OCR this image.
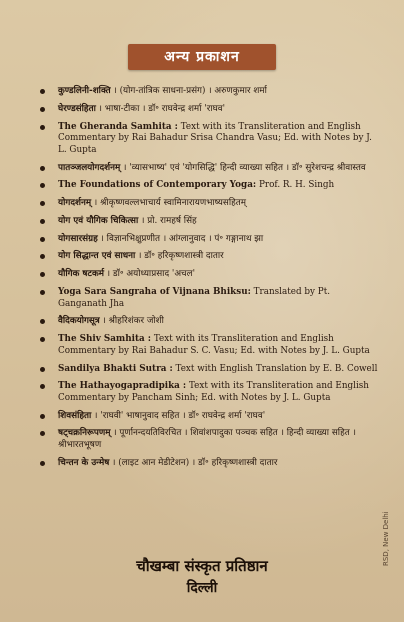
अन्य प्रकाशन
कुण्डलिनी-शक्ति । (योग-तांत्रिक साधना-प्रसंग) । अरुणकुमार शर्मा
घेरण्डसंहिता । भाषा-टीका । डॉ॰ राघवेन्द्र शर्मा 'राघव'
The Gheranda Samhita : Text with its Transliteration and English Commentary by Rai Bahadur Srisa Chandra Vasu; Ed. with Notes by J. L. Gupta
पातञ्जलयोगदर्शनम् । 'व्यासभाष्य' एवं 'योगसिद्धि' हिन्दी व्याख्या सहित । डॉ॰ सुरेशचन्द्र श्रीवास्तव
The Foundations of Contemporary Yoga: Prof. R. H. Singh
योगदर्शनम् । श्रीकृष्णवल्लभाचार्य स्वामिनारायणभाष्यसहितम्
योग एवं यौगिक चिकित्सा । प्रो. रामहर्ष सिंह
योगसारसंग्रह । विज्ञानभिक्षुप्रणीत । आंग्लानुवाद । पं॰ गङ्गानाथ झा
योग सिद्धान्त एवं साधना । डॉ॰ हरिकृष्णशास्त्री दातार
यौगिक षटकर्म । डॉ॰ अयोध्याप्रसाद 'अचल'
Yoga Sara Sangraha of Vijnana Bhiksu: Translated by Pt. Ganganath Jha
वैदिकयोगसूत्र । श्रीहरिशंकर जोशी
The Shiv Samhita : Text with its Transliteration and English Commentary by Rai Bahadur S. C. Vasu; Ed. with Notes by J. L. Gupta
Sandilya Bhakti Sutra : Text with English Translation by E. B. Cowell
The Hathayogapradipika : Text with its Transliteration and English Commentary by Pancham Sinh; Ed. with Notes by J. L. Gupta
शिवसंहिता । 'राघवी' भाषानुवाद सहित । डॉ॰ राघवेन्द्र शर्मा 'राघव'
षट्चक्रनिरूपणम् । पूर्णानन्दयतिविरचित । शिवांशपादुका पञ्चक सहित । हिन्दी व्याख्या सहित । श्रीभारतभूषण
चिन्तन के उन्मेष । (लाइट आन मेडीटेशन) । डॉ॰ हरिकृष्णशास्त्री दातार
चौखम्बा संस्कृत प्रतिष्ठान
दिल्ली
RSD, New Delhi
